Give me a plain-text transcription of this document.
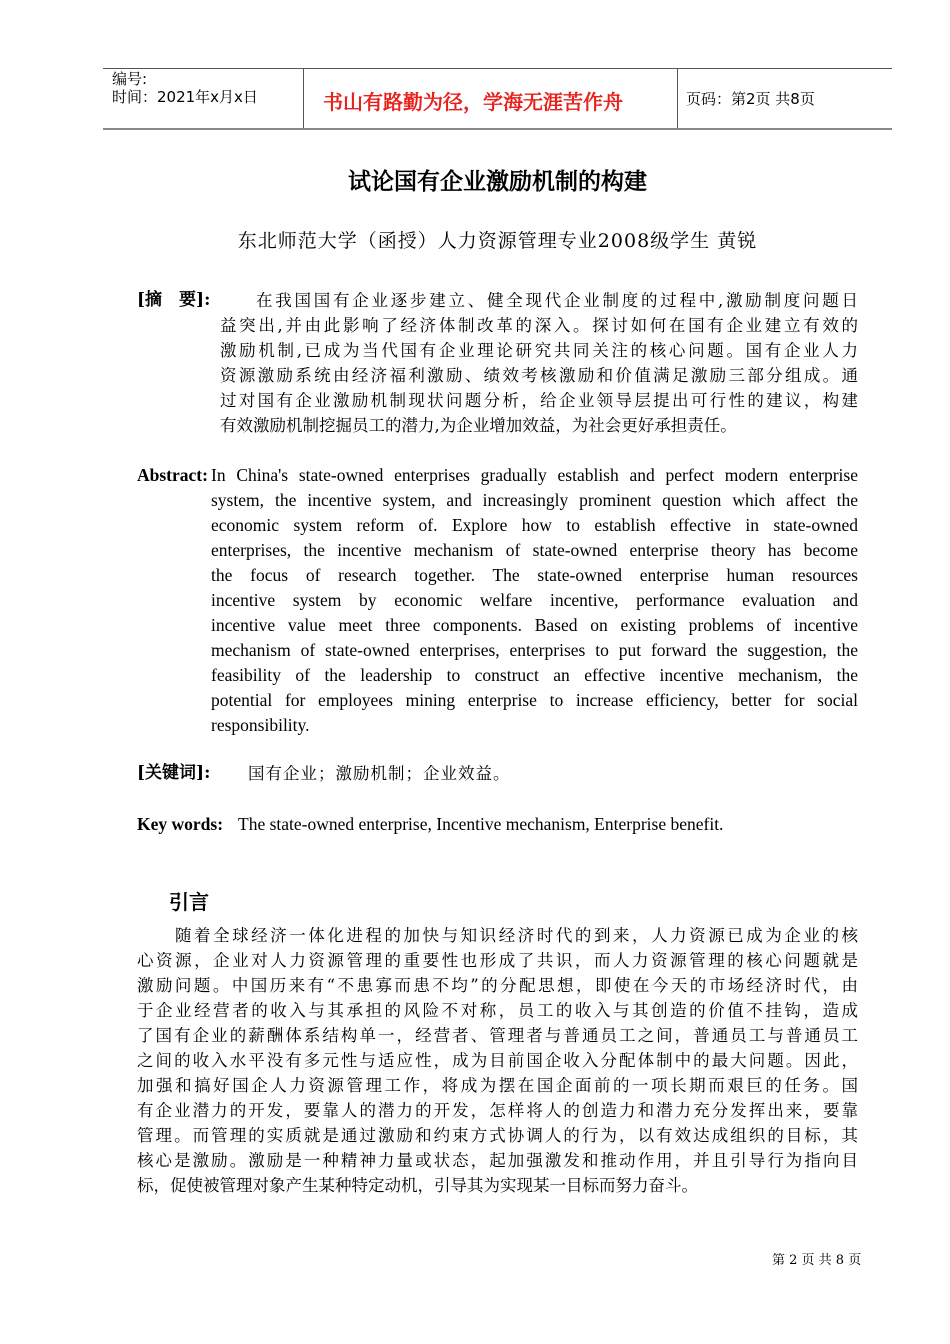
编号:
时间：2021年x月x日	书山有路勤为径，学海无涯苦作舟	页码：第2页 共8页
试论国有企业激励机制的构建
东北师范大学（函授）人力资源管理专业2008级学生 黄锐
[摘　要]:	在我国国有企业逐步建立、健全现代企业制度的过程中,激励制度问题日
益突出,并由此影响了经济体制改革的深入。探讨如何在国有企业建立有效的
激励机制,已成为当代国有企业理论研究共同关注的核心问题。国有企业人力
资源激励系统由经济福利激励、绩效考核激励和价值满足激励三部分组成。通
过对国有企业激励机制现状问题分析，给企业领导层提出可行性的建议，构建
有效激励机制挖掘员工的潜力,为企业增加效益，为社会更好承担责任。
Abstract: In China's state-owned enterprises gradually establish and perfect modern enterprise
system, the incentive system, and increasingly prominent question which affect the
economic system reform of. Explore how to establish effective in state-owned
enterprises, the incentive mechanism of state-owned enterprise theory has become
the focus of research together. The state-owned enterprise human resources
incentive system by economic welfare incentive, performance evaluation and
incentive value meet three components. Based on existing problems of incentive
mechanism of state-owned enterprises, enterprises to put forward the suggestion, the
feasibility of the leadership to construct an effective incentive mechanism, the
potential for employees mining enterprise to increase efficiency, better for social
responsibility.
[关键词]: 国有企业；激励机制；企业效益。
Key words: The state-owned enterprise, Incentive mechanism, Enterprise benefit.
引言
随着全球经济一体化进程的加快与知识经济时代的到来，人力资源已成为企业的核
心资源，企业对人力资源管理的重要性也形成了共识，而人力资源管理的核心问题就是
激励问题。中国历来有“不患寡而患不均”的分配思想，即使在今天的市场经济时代，由
于企业经营者的收入与其承担的风险不对称，员工的收入与其创造的价值不挂钩，造成
了国有企业的薪酬体系结构单一，经营者、管理者与普通员工之间，普通员工与普通员工
之间的收入水平没有多元性与适应性，成为目前国企收入分配体制中的最大问题。因此，
加强和搞好国企人力资源管理工作，将成为摆在国企面前的一项长期而艰巨的任务。国
有企业潜力的开发，要靠人的潜力的开发，怎样将人的创造力和潜力充分发挥出来，要靠
管理。而管理的实质就是通过激励和约束方式协调人的行为，以有效达成组织的目标，其
核心是激励。激励是一种精神力量或状态，起加强激发和推动作用，并且引导行为指向目
标，促使被管理对象产生某种特定动机，引导其为实现某一目标而努力奋斗。
第 2 页 共 8 页
